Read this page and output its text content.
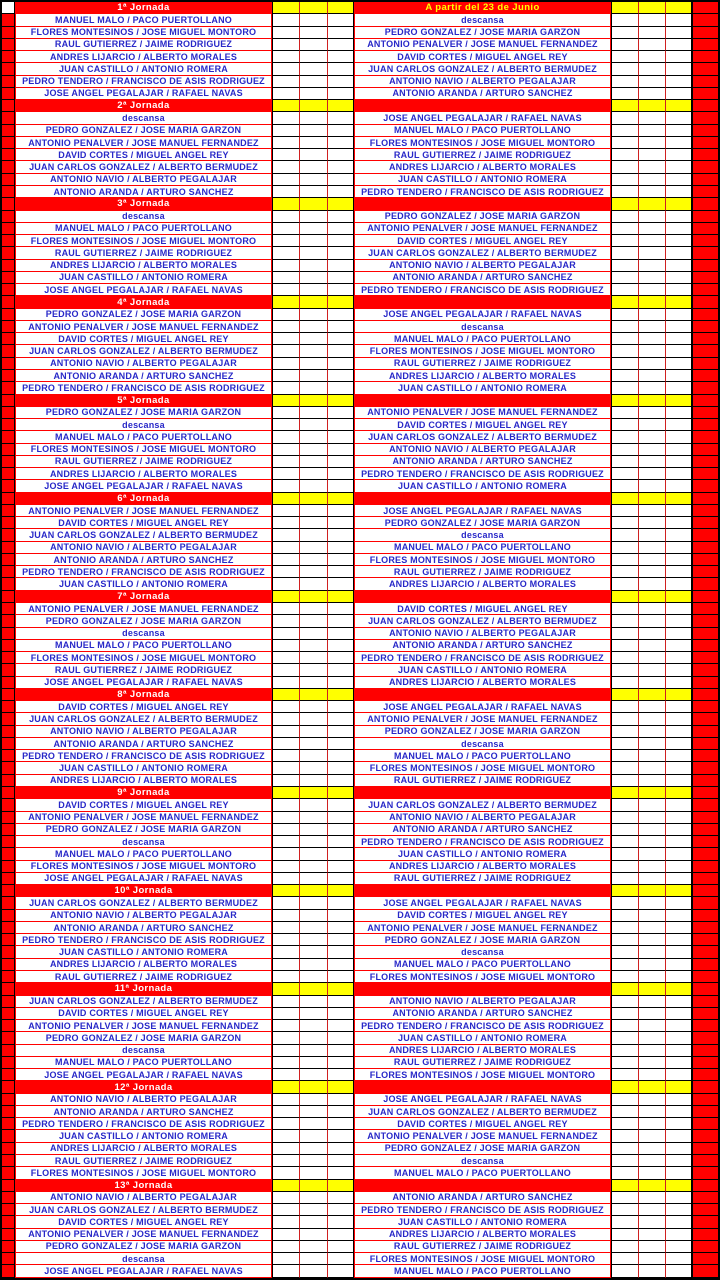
1ª Jornada	A partir del 23 de Junio
MANUEL MALO / PACO PUERTOLLANO	descansa
FLORES MONTESINOS / JOSE MIGUEL MONTORO	PEDRO GONZALEZ / JOSE MARIA GARZON
RAUL GUTIERREZ / JAIME RODRIGUEZ	ANTONIO PENALVER / JOSE MANUEL FERNANDEZ
ANDRES LIJARCIO / ALBERTO MORALES	DAVID CORTES / MIGUEL ANGEL REY
JUAN CASTILLO / ANTONIO ROMERA	JUAN CARLOS GONZALEZ / ALBERTO BERMUDEZ
PEDRO TENDERO / FRANCISCO DE ASIS RODRIGUEZ	ANTONIO NAVIO / ALBERTO PEGALAJAR
JOSE ANGEL PEGALAJAR / RAFAEL NAVAS	ANTONIO ARANDA / ARTURO SANCHEZ
2ª Jornada
descansa	JOSE ANGEL PEGALAJAR / RAFAEL NAVAS
PEDRO GONZALEZ / JOSE MARIA GARZON	MANUEL MALO / PACO PUERTOLLANO
ANTONIO PENALVER / JOSE MANUEL FERNANDEZ	FLORES MONTESINOS / JOSE MIGUEL MONTORO
DAVID CORTES / MIGUEL ANGEL REY	RAUL GUTIERREZ / JAIME RODRIGUEZ
JUAN CARLOS GONZALEZ / ALBERTO BERMUDEZ	ANDRES LIJARCIO / ALBERTO MORALES
ANTONIO NAVIO / ALBERTO PEGALAJAR	JUAN CASTILLO / ANTONIO ROMERA
ANTONIO ARANDA / ARTURO SANCHEZ	PEDRO TENDERO / FRANCISCO DE ASIS RODRIGUEZ
3ª Jornada
descansa	PEDRO GONZALEZ / JOSE MARIA GARZON
MANUEL MALO / PACO PUERTOLLANO	ANTONIO PENALVER / JOSE MANUEL FERNANDEZ
FLORES MONTESINOS / JOSE MIGUEL MONTORO	DAVID CORTES / MIGUEL ANGEL REY
RAUL GUTIERREZ / JAIME RODRIGUEZ	JUAN CARLOS GONZALEZ / ALBERTO BERMUDEZ
ANDRES LIJARCIO / ALBERTO MORALES	ANTONIO NAVIO / ALBERTO PEGALAJAR
JUAN CASTILLO / ANTONIO ROMERA	ANTONIO ARANDA / ARTURO SANCHEZ
JOSE ANGEL PEGALAJAR / RAFAEL NAVAS	PEDRO TENDERO / FRANCISCO DE ASIS RODRIGUEZ
4ª Jornada
PEDRO GONZALEZ / JOSE MARIA GARZON	JOSE ANGEL PEGALAJAR / RAFAEL NAVAS
ANTONIO PENALVER / JOSE MANUEL FERNANDEZ	descansa
DAVID CORTES / MIGUEL ANGEL REY	MANUEL MALO / PACO PUERTOLLANO
JUAN CARLOS GONZALEZ / ALBERTO BERMUDEZ	FLORES MONTESINOS / JOSE MIGUEL MONTORO
ANTONIO NAVIO / ALBERTO PEGALAJAR	RAUL GUTIERREZ / JAIME RODRIGUEZ
ANTONIO ARANDA / ARTURO SANCHEZ	ANDRES LIJARCIO / ALBERTO MORALES
PEDRO TENDERO / FRANCISCO DE ASIS RODRIGUEZ	JUAN CASTILLO / ANTONIO ROMERA
5ª Jornada
PEDRO GONZALEZ / JOSE MARIA GARZON	ANTONIO PENALVER / JOSE MANUEL FERNANDEZ
descansa	DAVID CORTES / MIGUEL ANGEL REY
MANUEL MALO / PACO PUERTOLLANO	JUAN CARLOS GONZALEZ / ALBERTO BERMUDEZ
FLORES MONTESINOS / JOSE MIGUEL MONTORO	ANTONIO NAVIO / ALBERTO PEGALAJAR
RAUL GUTIERREZ / JAIME RODRIGUEZ	ANTONIO ARANDA / ARTURO SANCHEZ
ANDRES LIJARCIO / ALBERTO MORALES	PEDRO TENDERO / FRANCISCO DE ASIS RODRIGUEZ
JOSE ANGEL PEGALAJAR / RAFAEL NAVAS	JUAN CASTILLO / ANTONIO ROMERA
6ª Jornada
ANTONIO PENALVER / JOSE MANUEL FERNANDEZ	JOSE ANGEL PEGALAJAR / RAFAEL NAVAS
DAVID CORTES / MIGUEL ANGEL REY	PEDRO GONZALEZ / JOSE MARIA GARZON
JUAN CARLOS GONZALEZ / ALBERTO BERMUDEZ	descansa
ANTONIO NAVIO / ALBERTO PEGALAJAR	MANUEL MALO / PACO PUERTOLLANO
ANTONIO ARANDA / ARTURO SANCHEZ	FLORES MONTESINOS / JOSE MIGUEL MONTORO
PEDRO TENDERO / FRANCISCO DE ASIS RODRIGUEZ	RAUL GUTIERREZ / JAIME RODRIGUEZ
JUAN CASTILLO / ANTONIO ROMERA	ANDRES LIJARCIO / ALBERTO MORALES
7ª Jornada
ANTONIO PENALVER / JOSE MANUEL FERNANDEZ	DAVID CORTES / MIGUEL ANGEL REY
PEDRO GONZALEZ / JOSE MARIA GARZON	JUAN CARLOS GONZALEZ / ALBERTO BERMUDEZ
descansa	ANTONIO NAVIO / ALBERTO PEGALAJAR
MANUEL MALO / PACO PUERTOLLANO	ANTONIO ARANDA / ARTURO SANCHEZ
FLORES MONTESINOS / JOSE MIGUEL MONTORO	PEDRO TENDERO / FRANCISCO DE ASIS RODRIGUEZ
RAUL GUTIERREZ / JAIME RODRIGUEZ	JUAN CASTILLO / ANTONIO ROMERA
JOSE ANGEL PEGALAJAR / RAFAEL NAVAS	ANDRES LIJARCIO / ALBERTO MORALES
8ª Jornada
DAVID CORTES / MIGUEL ANGEL REY	JOSE ANGEL PEGALAJAR / RAFAEL NAVAS
JUAN CARLOS GONZALEZ / ALBERTO BERMUDEZ	ANTONIO PENALVER / JOSE MANUEL FERNANDEZ
ANTONIO NAVIO / ALBERTO PEGALAJAR	PEDRO GONZALEZ / JOSE MARIA GARZON
ANTONIO ARANDA / ARTURO SANCHEZ	descansa
PEDRO TENDERO / FRANCISCO DE ASIS RODRIGUEZ	MANUEL MALO / PACO PUERTOLLANO
JUAN CASTILLO / ANTONIO ROMERA	FLORES MONTESINOS / JOSE MIGUEL MONTORO
ANDRES LIJARCIO / ALBERTO MORALES	RAUL GUTIERREZ / JAIME RODRIGUEZ
9ª Jornada
DAVID CORTES / MIGUEL ANGEL REY	JUAN CARLOS GONZALEZ / ALBERTO BERMUDEZ
ANTONIO PENALVER / JOSE MANUEL FERNANDEZ	ANTONIO NAVIO / ALBERTO PEGALAJAR
PEDRO GONZALEZ / JOSE MARIA GARZON	ANTONIO ARANDA / ARTURO SANCHEZ
descansa	PEDRO TENDERO / FRANCISCO DE ASIS RODRIGUEZ
MANUEL MALO / PACO PUERTOLLANO	JUAN CASTILLO / ANTONIO ROMERA
FLORES MONTESINOS / JOSE MIGUEL MONTORO	ANDRES LIJARCIO / ALBERTO MORALES
JOSE ANGEL PEGALAJAR / RAFAEL NAVAS	RAUL GUTIERREZ / JAIME RODRIGUEZ
10ª Jornada
JUAN CARLOS GONZALEZ / ALBERTO BERMUDEZ	JOSE ANGEL PEGALAJAR / RAFAEL NAVAS
ANTONIO NAVIO / ALBERTO PEGALAJAR	DAVID CORTES / MIGUEL ANGEL REY
ANTONIO ARANDA / ARTURO SANCHEZ	ANTONIO PENALVER / JOSE MANUEL FERNANDEZ
PEDRO TENDERO / FRANCISCO DE ASIS RODRIGUEZ	PEDRO GONZALEZ / JOSE MARIA GARZON
JUAN CASTILLO / ANTONIO ROMERA	descansa
ANDRES LIJARCIO / ALBERTO MORALES	MANUEL MALO / PACO PUERTOLLANO
RAUL GUTIERREZ / JAIME RODRIGUEZ	FLORES MONTESINOS / JOSE MIGUEL MONTORO
11ª Jornada
JUAN CARLOS GONZALEZ / ALBERTO BERMUDEZ	ANTONIO NAVIO / ALBERTO PEGALAJAR
DAVID CORTES / MIGUEL ANGEL REY	ANTONIO ARANDA / ARTURO SANCHEZ
ANTONIO PENALVER / JOSE MANUEL FERNANDEZ	PEDRO TENDERO / FRANCISCO DE ASIS RODRIGUEZ
PEDRO GONZALEZ / JOSE MARIA GARZON	JUAN CASTILLO / ANTONIO ROMERA
descansa	ANDRES LIJARCIO / ALBERTO MORALES
MANUEL MALO / PACO PUERTOLLANO	RAUL GUTIERREZ / JAIME RODRIGUEZ
JOSE ANGEL PEGALAJAR / RAFAEL NAVAS	FLORES MONTESINOS / JOSE MIGUEL MONTORO
12ª Jornada
ANTONIO NAVIO / ALBERTO PEGALAJAR	JOSE ANGEL PEGALAJAR / RAFAEL NAVAS
ANTONIO ARANDA / ARTURO SANCHEZ	JUAN CARLOS GONZALEZ / ALBERTO BERMUDEZ
PEDRO TENDERO / FRANCISCO DE ASIS RODRIGUEZ	DAVID CORTES / MIGUEL ANGEL REY
JUAN CASTILLO / ANTONIO ROMERA	ANTONIO PENALVER / JOSE MANUEL FERNANDEZ
ANDRES LIJARCIO / ALBERTO MORALES	PEDRO GONZALEZ / JOSE MARIA GARZON
RAUL GUTIERREZ / JAIME RODRIGUEZ	descansa
FLORES MONTESINOS / JOSE MIGUEL MONTORO	MANUEL MALO / PACO PUERTOLLANO
13ª Jornada
ANTONIO NAVIO / ALBERTO PEGALAJAR	ANTONIO ARANDA / ARTURO SANCHEZ
JUAN CARLOS GONZALEZ / ALBERTO BERMUDEZ	PEDRO TENDERO / FRANCISCO DE ASIS RODRIGUEZ
DAVID CORTES / MIGUEL ANGEL REY	JUAN CASTILLO / ANTONIO ROMERA
ANTONIO PENALVER / JOSE MANUEL FERNANDEZ	ANDRES LIJARCIO / ALBERTO MORALES
PEDRO GONZALEZ / JOSE MARIA GARZON	RAUL GUTIERREZ / JAIME RODRIGUEZ
descansa	FLORES MONTESINOS / JOSE MIGUEL MONTORO
JOSE ANGEL PEGALAJAR / RAFAEL NAVAS	MANUEL MALO / PACO PUERTOLLANO
